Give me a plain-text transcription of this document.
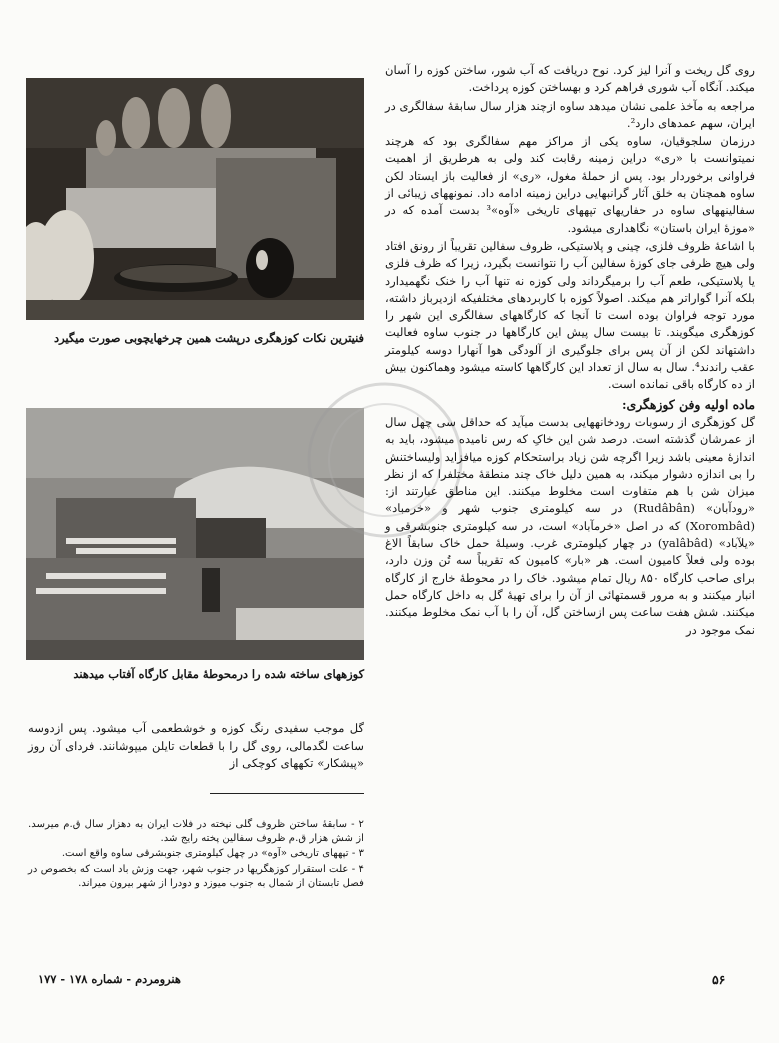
فنیترین نکات کوزهگری درپشت همین چرخهایچوبی صورت میگیرد
کوزههای ساخته شده را درمحوطهٔ مقابل کارگاه آفتاب میدهند

روی گل ریخت و آنرا لیز کرد. نوح دریافت که آب شور، ساختن کوزه را آسان میکند. آنگاه آب شوری فراهم کرد و بهساختن کوزه پرداخت.

مراجعه به مآخذ علمی نشان میدهد ساوه ازچند هزار سال سابقهٔ سفالگری در ایران، سهم عمدهای دارد².

درزمان سلجوقیان، ساوه یکی از مراکز مهم سفالگری بود که هرچند نمیتوانست با «ری» دراین زمینه رقابت کند ولی به هرطریق از اهمیت فراوانی برخوردار بود. پس از حملهٔ مغول، «ری» از فعالیت باز ایستاد لکن ساوه همچنان به خلق آثار گرانبهایی دراین زمینه ادامه داد. نمونههای زیبائی از سفالینههای ساوه در حفاریهای تپههای تاریخی «آوه»³ بدست آمده که در «موزهٔ ایران باستان» نگاهداری میشود.

با اشاعهٔ ظروف فلزی، چینی و پلاستیکی، ظروف سفالین تقریباً از رونق افتاد ولی هیچ ظرفی جای کوزهٔ سفالین آب را نتوانست بگیرد، زیرا که ظرف فلزی یا پلاستیکی، طعم آب را برمیگرداند ولی کوزه نه تنها آب را خنک نگهمیدارد بلکه آنرا گواراتر هم میکند. اصولاً کوزه با کاربردهای مختلفیکه ازدیرباز داشته، مورد توجه فراوان بوده است تا آنجا که کارگاههای سفالگری این شهر را کوزهگری میگویند. تا بیست سال پیش این کارگاهها در جنوب ساوه فعالیت داشتهاند لکن از آن پس برای جلوگیری از آلودگی هوا آنهارا دوسه کیلومتر عقب راندند⁴. سال به سال از تعداد این کارگاهها کاسته میشود وهماکنون بیش از ده کارگاه باقی نمانده است.

ماده اولیه وفن کوزهگری:

گل کوزهگری از رسوبات رودخانههایی بدست میآید که حداقل سی چهل سال از عمرشان گذشته است. درصد شن این خاکِ که رس نامیده میشود، باید به اندازهٔ معینی باشد زیرا اگرچه شن زیاد براستحکام کوزه میافزاید ولیساختنش را بی اندازه دشوار میکند، به همین دلیل خاک چند منطقهٔ مختلفرا که از نظر میزان شن با هم متفاوت است مخلوط میکنند. این مناطق عبارتند از: «رودآبان» (Rudâbân) در سه کیلومتری جنوب شهر و «خرمباد» (Xorombâd) که در اصل «خرمآباد» است، در سه کیلومتری جنوبشرقی و «یلآباد» (yalâbâd) در چهار کیلومتری غرب. وسیلهٔ حمل خاک سابقاً الاغ بوده ولی فعلاً کامیون است. هر «بار» کامیون که تقریباً سه تُن وزن دارد، برای صاحب کارگاه ۸۵۰ ریال تمام میشود. خاک را در محوطهٔ خارج از کارگاه انبار میکنند و به مرور قسمتهائی از آن را برای تهیهٔ گل به داخل کارگاه حمل میکنند. شش هفت ساعت پس ازساختن گل، آن را با آب نمک مخلوط میکنند. نمک موجود در

گل موجب سفیدی رنگ کوزه و خوشطعمی آب میشود. پس ازدوسه ساعت لگدمالی، روی گل را با قطعات تایلن میپوشانند. فردای آن روز «پیشکار» تکههای کوچکی از

۲ - سابقهٔ ساختن ظروف گلی نپخته در فلات ایران به دهزار سال ق.م میرسد. از شش هزار ق.م ظروف سفالین پخته رایج شد.

۳ - تپههای تاریخی «آوه» در چهل کیلومتری جنوبشرقی ساوه واقع است.

۴ - علت استقرار کوزهگریها در جنوب شهر، جهت وزش باد است که بخصوص در فصل تابستان از شمال به جنوب میوزد و دودرا از شهر بیرون میراند.

هنرومردم - شماره ۱۷۸ - ۱۷۷	۵۶
